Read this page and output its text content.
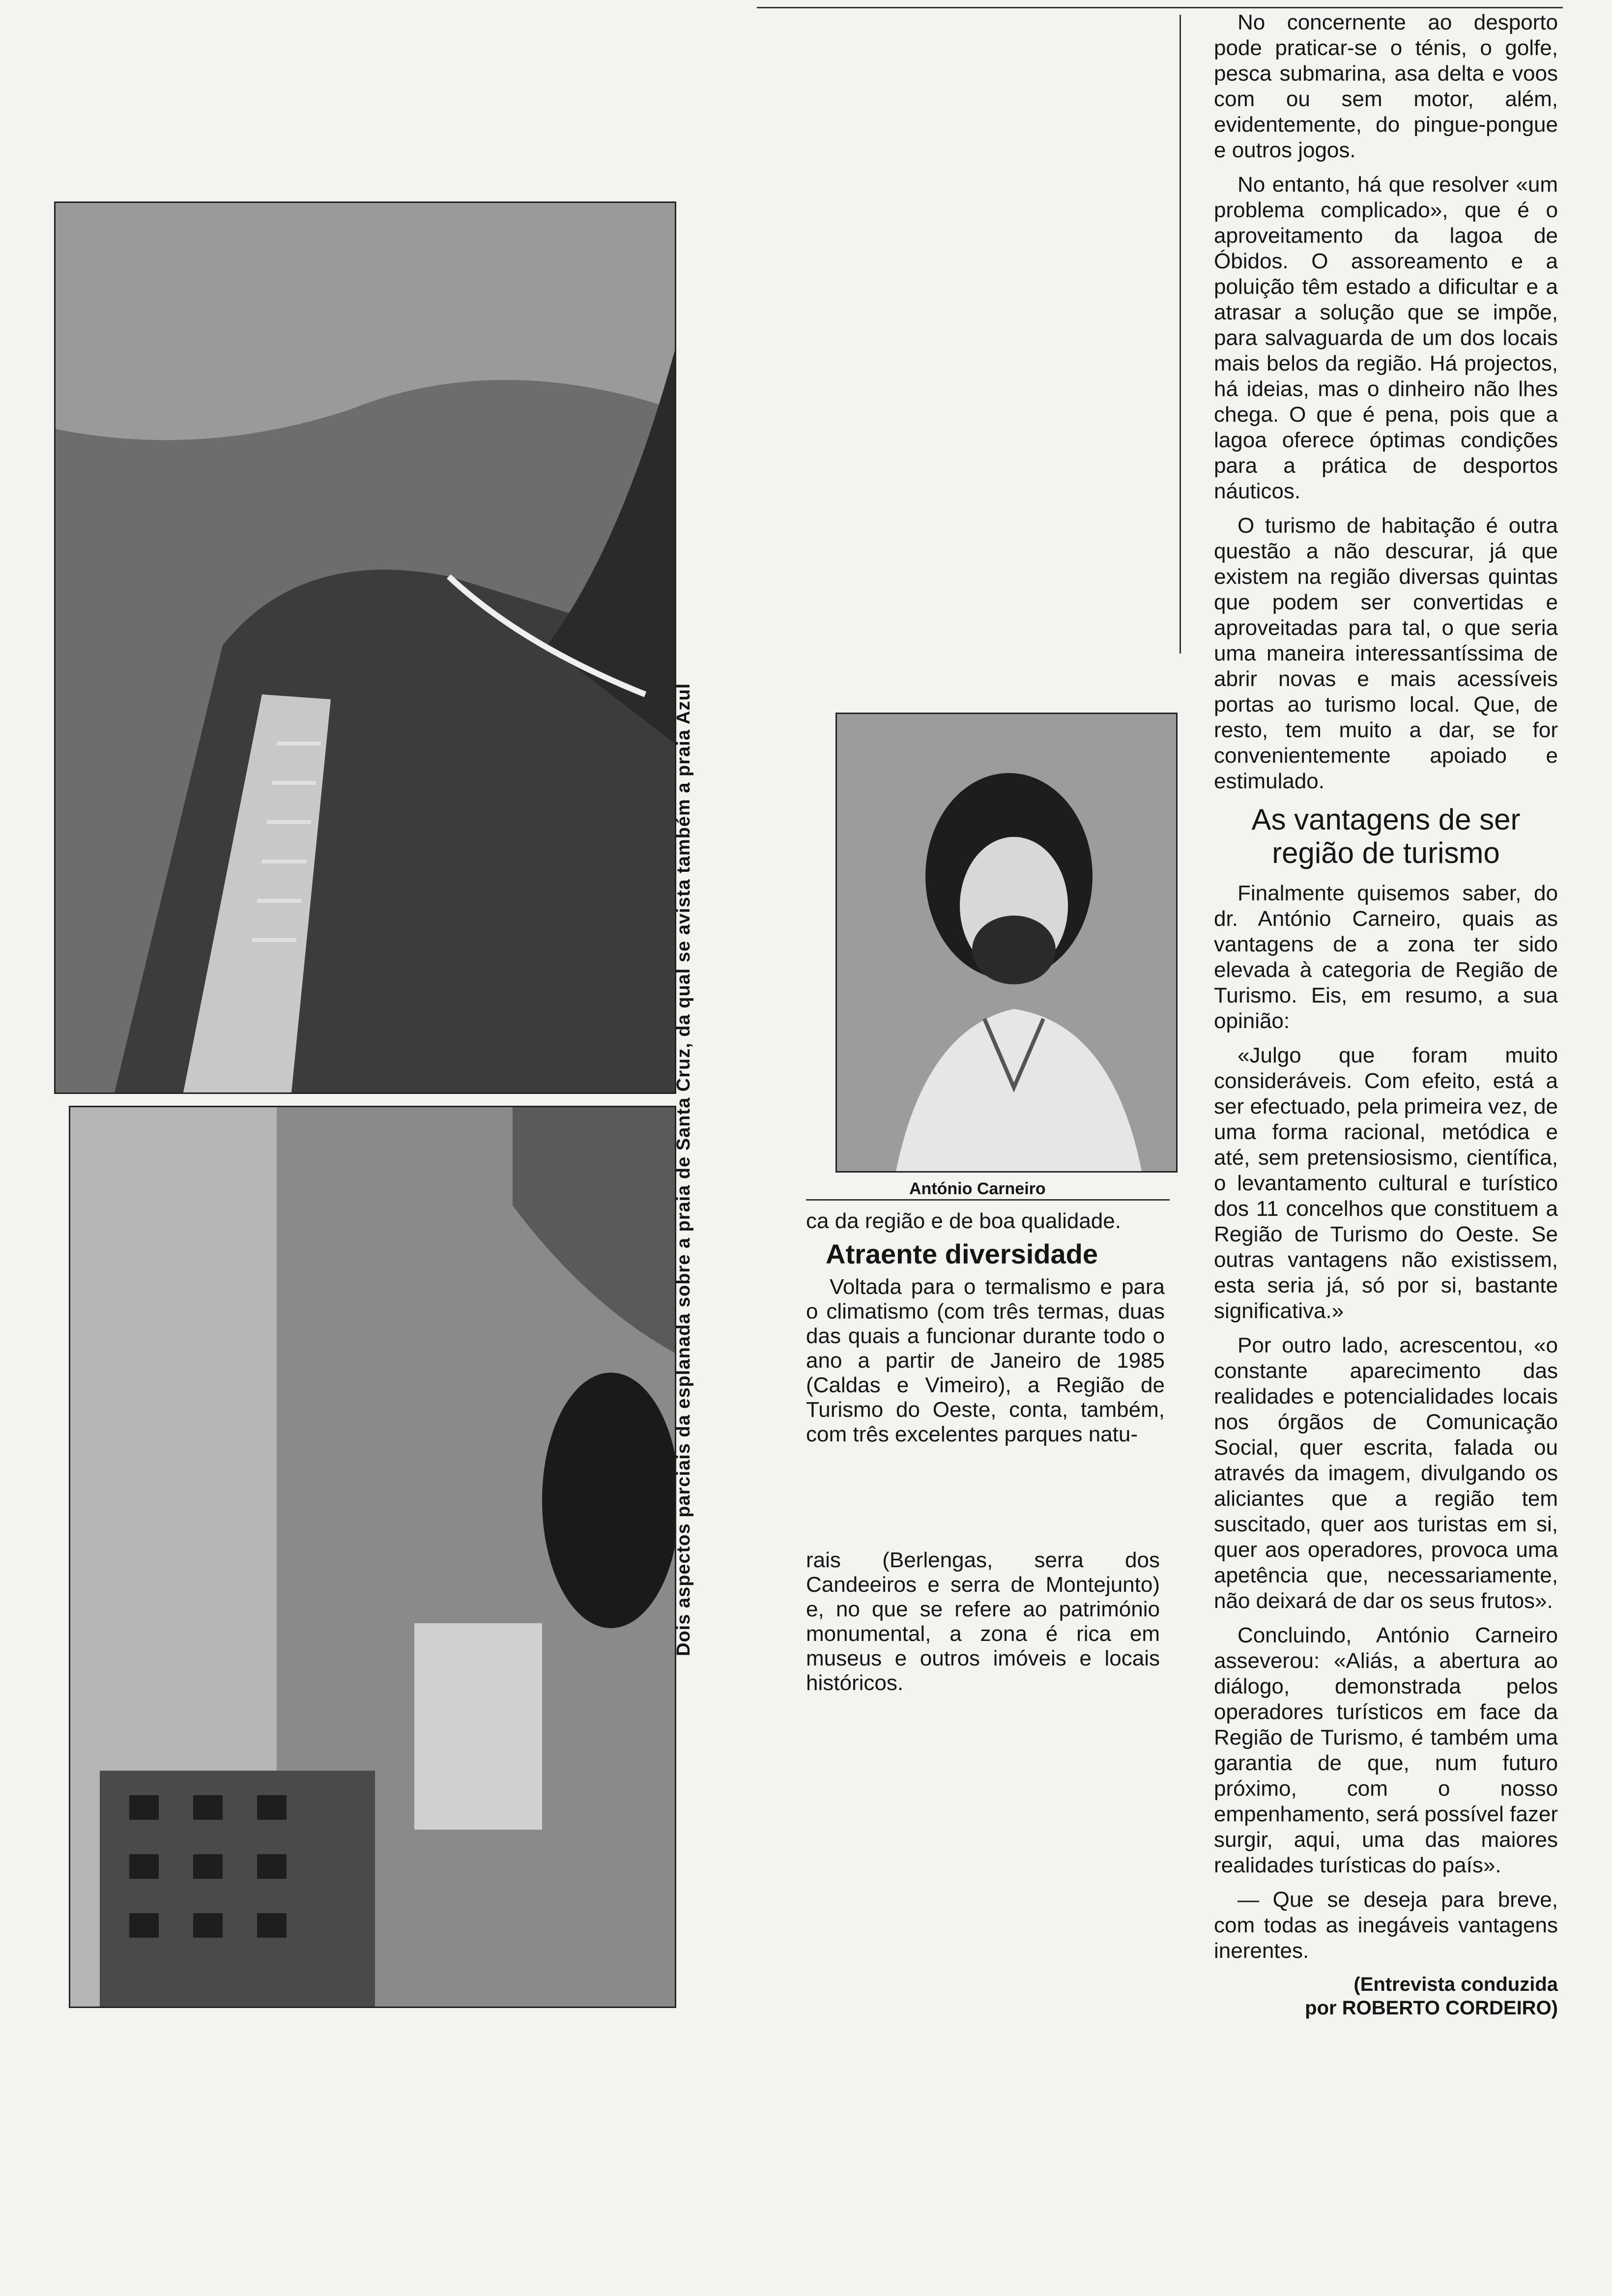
Dois aspectos parciais da esplanada sobre a praia de Santa Cruz, da qual se avista também a praia Azul	António Carneiro

ca da região e de boa qualidade.

Atraente diversidade

Voltada para o termalismo e para o climatismo (com três termas, duas das quais a funcionar durante todo o ano a partir de Janeiro de 1985 (Caldas e Vimeiro), a Região de Turismo do Oeste, conta, também, com três excelentes parques natu-

rais (Berlengas, serra dos Candeeiros e serra de Montejunto) e, no que se refere ao património monumental, a zona é rica em museus e outros imóveis e locais históricos.

No concernente ao desporto pode praticar-se o ténis, o golfe, pesca submarina, asa delta e voos com ou sem motor, além, evidentemente, do pingue-pongue e outros jogos.

No entanto, há que resolver «um problema complicado», que é o aproveitamento da lagoa de Óbidos. O assoreamento e a poluição têm estado a dificultar e a atrasar a solução que se impõe, para salvaguarda de um dos locais mais belos da região. Há projectos, há ideias, mas o dinheiro não lhes chega. O que é pena, pois que a lagoa oferece óptimas condições para a prática de desportos náuticos.

O turismo de habitação é outra questão a não descurar, já que existem na região diversas quintas que podem ser convertidas e aproveitadas para tal, o que seria uma maneira interessantíssima de abrir novas e mais acessíveis portas ao turismo local. Que, de resto, tem muito a dar, se for convenientemente apoiado e estimulado.

As vantagens de ser região de turismo

Finalmente quisemos saber, do dr. António Carneiro, quais as vantagens de a zona ter sido elevada à categoria de Região de Turismo. Eis, em resumo, a sua opinião:

«Julgo que foram muito consideráveis. Com efeito, está a ser efectuado, pela primeira vez, de uma forma racional, metódica e até, sem pretensiosismo, científica, o levantamento cultural e turístico dos 11 concelhos que constituem a Região de Turismo do Oeste. Se outras vantagens não existissem, esta seria já, só por si, bastante significativa.»

Por outro lado, acrescentou, «o constante aparecimento das realidades e potencialidades locais nos órgãos de Comunicação Social, quer escrita, falada ou através da imagem, divulgando os aliciantes que a região tem suscitado, quer aos turistas em si, quer aos operadores, provoca uma apetência que, necessariamente, não deixará de dar os seus frutos».

Concluindo, António Carneiro asseverou: «Aliás, a abertura ao diálogo, demonstrada pelos operadores turísticos em face da Região de Turismo, é também uma garantia de que, num futuro próximo, com o nosso empenhamento, será possível fazer surgir, aqui, uma das maiores realidades turísticas do país».

— Que se deseja para breve, com todas as inegáveis vantagens inerentes.

(Entrevista conduzida
por ROBERTO CORDEIRO)
